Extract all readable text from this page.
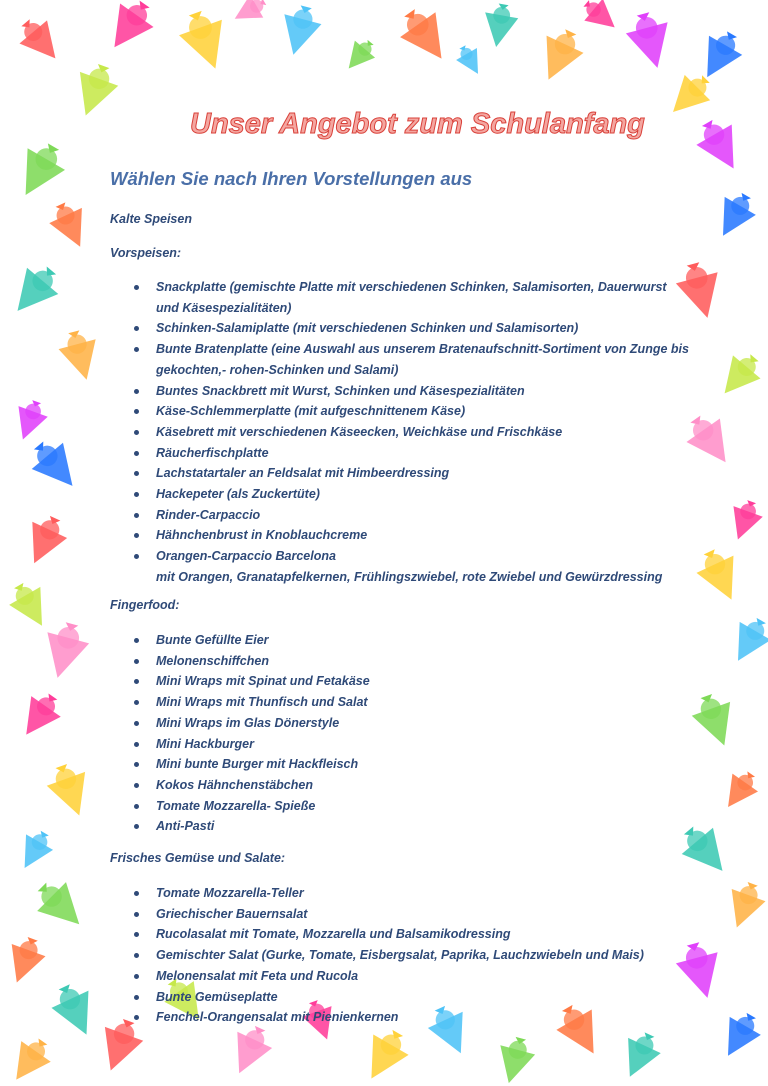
Unser Angebot zum Schulanfang
Wählen Sie nach Ihren Vorstellungen aus

Kalte Speisen

Vorspeisen:

Snackplatte (gemischte Platte mit verschiedenen Schinken, Salamisorten, Dauerwurst und Käsespezialitäten)
Schinken-Salamiplatte (mit verschiedenen Schinken und Salamisorten)
Bunte Bratenplatte (eine Auswahl aus unserem Bratenaufschnitt-Sortiment von Zunge bis gekochten,- rohen-Schinken und Salami)
Buntes Snackbrett mit Wurst, Schinken und Käsespezialitäten
Käse-Schlemmerplatte (mit aufgeschnittenem Käse)
Käsebrett mit verschiedenen Käseecken, Weichkäse und Frischkäse
Räucherfischplatte
Lachstatartaler an Feldsalat mit Himbeerdressing
Hackepeter (als Zuckertüte)
Rinder-Carpaccio
Hähnchenbrust in Knoblauchcreme
Orangen-Carpaccio Barcelona
mit Orangen, Granatapfelkernen, Frühlingszwiebel, rote Zwiebel und Gewürzdressing

Fingerfood:

Bunte Gefüllte Eier
Melonenschiffchen
Mini Wraps mit Spinat und Fetakäse
Mini Wraps mit Thunfisch und Salat
Mini Wraps im Glas Dönerstyle
Mini Hackburger
Mini bunte Burger mit Hackfleisch
Kokos Hähnchenstäbchen
Tomate Mozzarella- Spieße
Anti-Pasti

Frisches Gemüse und Salate:

Tomate Mozzarella-Teller
Griechischer Bauernsalat
Rucolasalat mit Tomate, Mozzarella und Balsamikodressing
Gemischter Salat (Gurke, Tomate, Eisbergsalat, Paprika, Lauchzwiebeln und Mais)
Melonensalat mit Feta und Rucola
Bunte Gemüseplatte
Fenchel-Orangensalat mit Pienienkernen
